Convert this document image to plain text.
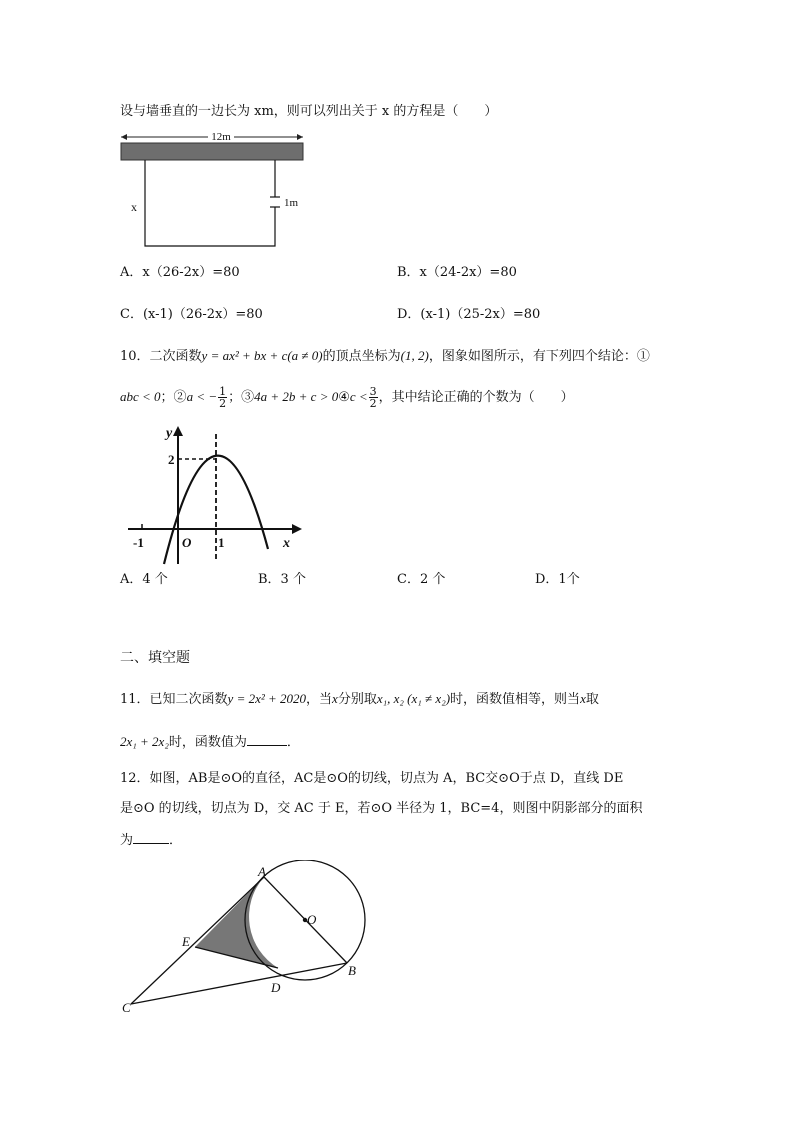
设与墙垂直的一边长为 xm，则可以列出关于 x 的方程是（　　）
12m
x	1m
A．x（26-2x）=80	B．x（24-2x）=80
C．(x-1)（26-2x）=80	D．(x-1)（25-2x）=80
10．二次函数y = ax² + bx + c(a ≠ 0)的顶点坐标为(1, 2)，图象如图所示，有下列四个结论：①
abc < 0；②a < − $\frac{1}{2}$ ；③4a + 2b + c > 0④c < $\frac{3}{2}$ ，其中结论正确的个数为（　　）
y
2
-1	O 1	x
A．4 个	B．3 个	C．2 个	D．1个
二、填空题
11．已知二次函数y = 2x² + 2020，当x分别取x₁, x₂ (x₁ ≠ x₂)时，函数值相等，则当x取
2x₁ + 2x₂时，函数值为	．
12．如图，AB是⊙O的直径，AC是⊙O的切线，切点为 A，BC交⊙O于点 D，直线 DE
是⊙O 的切线，切点为 D，交 AC 于 E，若⊙O 半径为 1，BC=4，则图中阴影部分的面积
为	．
A
O
E
B
D
C
